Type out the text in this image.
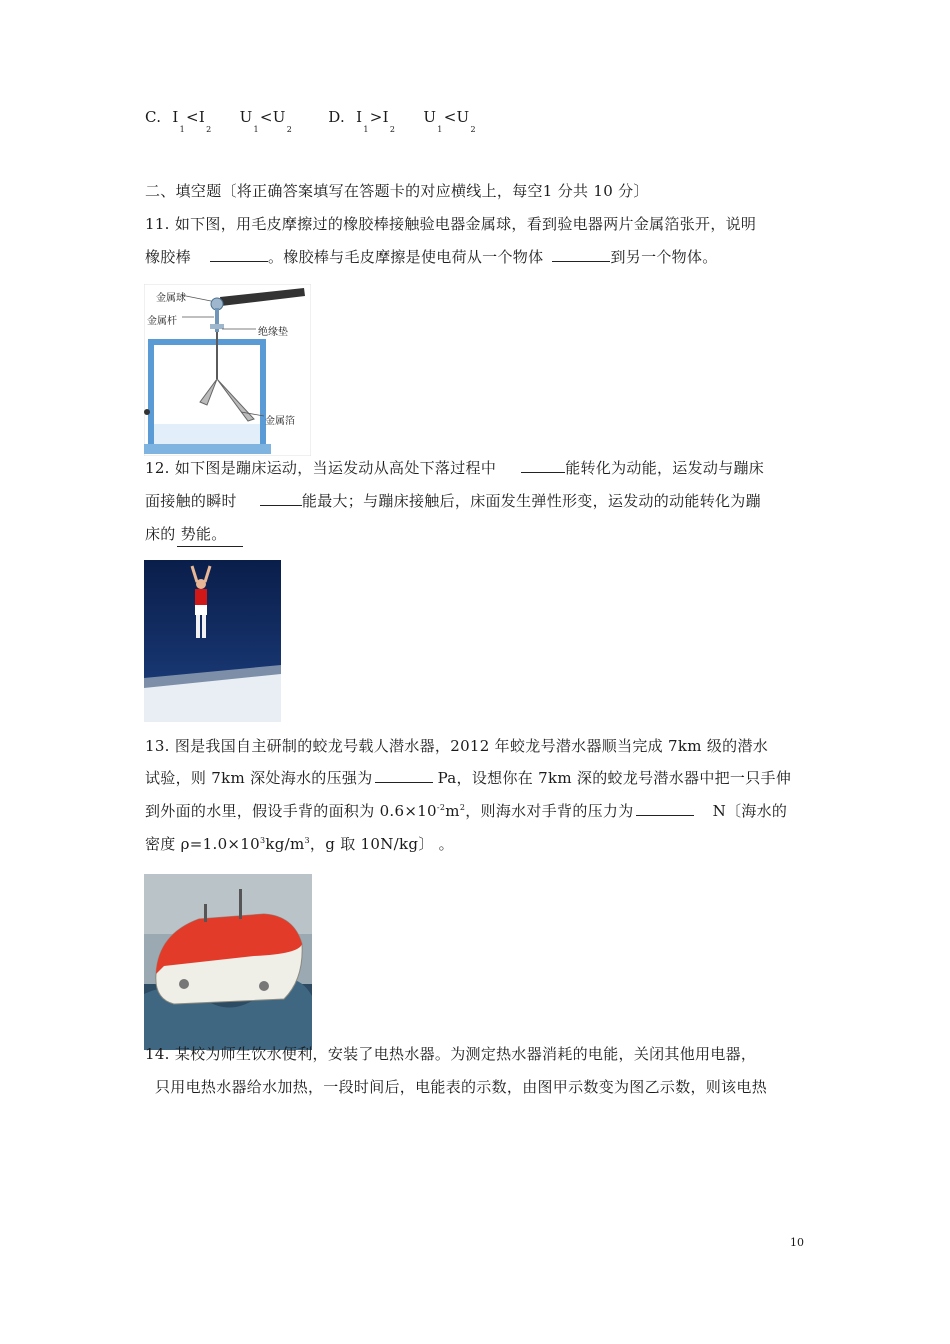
C. $I_1<I_2$ $U_1<U_2$ D. $I_1>I_2$ $U_1<U_2$
二、填空题〔将正确答案填写在答题卡的对应横线上，每空1 分共 10 分〕
11. 如下图，用毛皮摩擦过的橡胶棒接触验电器金属球，看到验电器两片金属箔张开，说明
橡胶棒	。橡胶棒与毛皮摩擦是使电荷从一个物体	到另一个物体。
金属球
金属杆
绝缘垫
金属箔
12. 如下图是蹦床运动，当运发动从高处下落过程中	能转化为动能，运发动与蹦床
面接触的瞬时	能最大；与蹦床接触后，床面发生弹性形变，运发动的动能转化为蹦
床的 势能。
13. 图是我国自主研制的蛟龙号载人潜水器，2012 年蛟龙号潜水器顺当完成 7km 级的潜水
试验，则 7km 深处海水的压强为	Pa，设想你在 7km 深的蛟龙号潜水器中把一只手伸
到外面的水里，假设手背的面积为 $0.6\times 10^{-2}m^2$，则海水对手背的压力为	N〔海水的
密度 $\rho=1.0\times 10^3kg/m^3$，g 取 10N/kg〕 。
14. 某校为师生饮水便利，安装了电热水器。为测定热水器消耗的电能，关闭其他用电器，
只用电热水器给水加热，一段时间后，电能表的示数，由图甲示数变为图乙示数，则该电热
10
